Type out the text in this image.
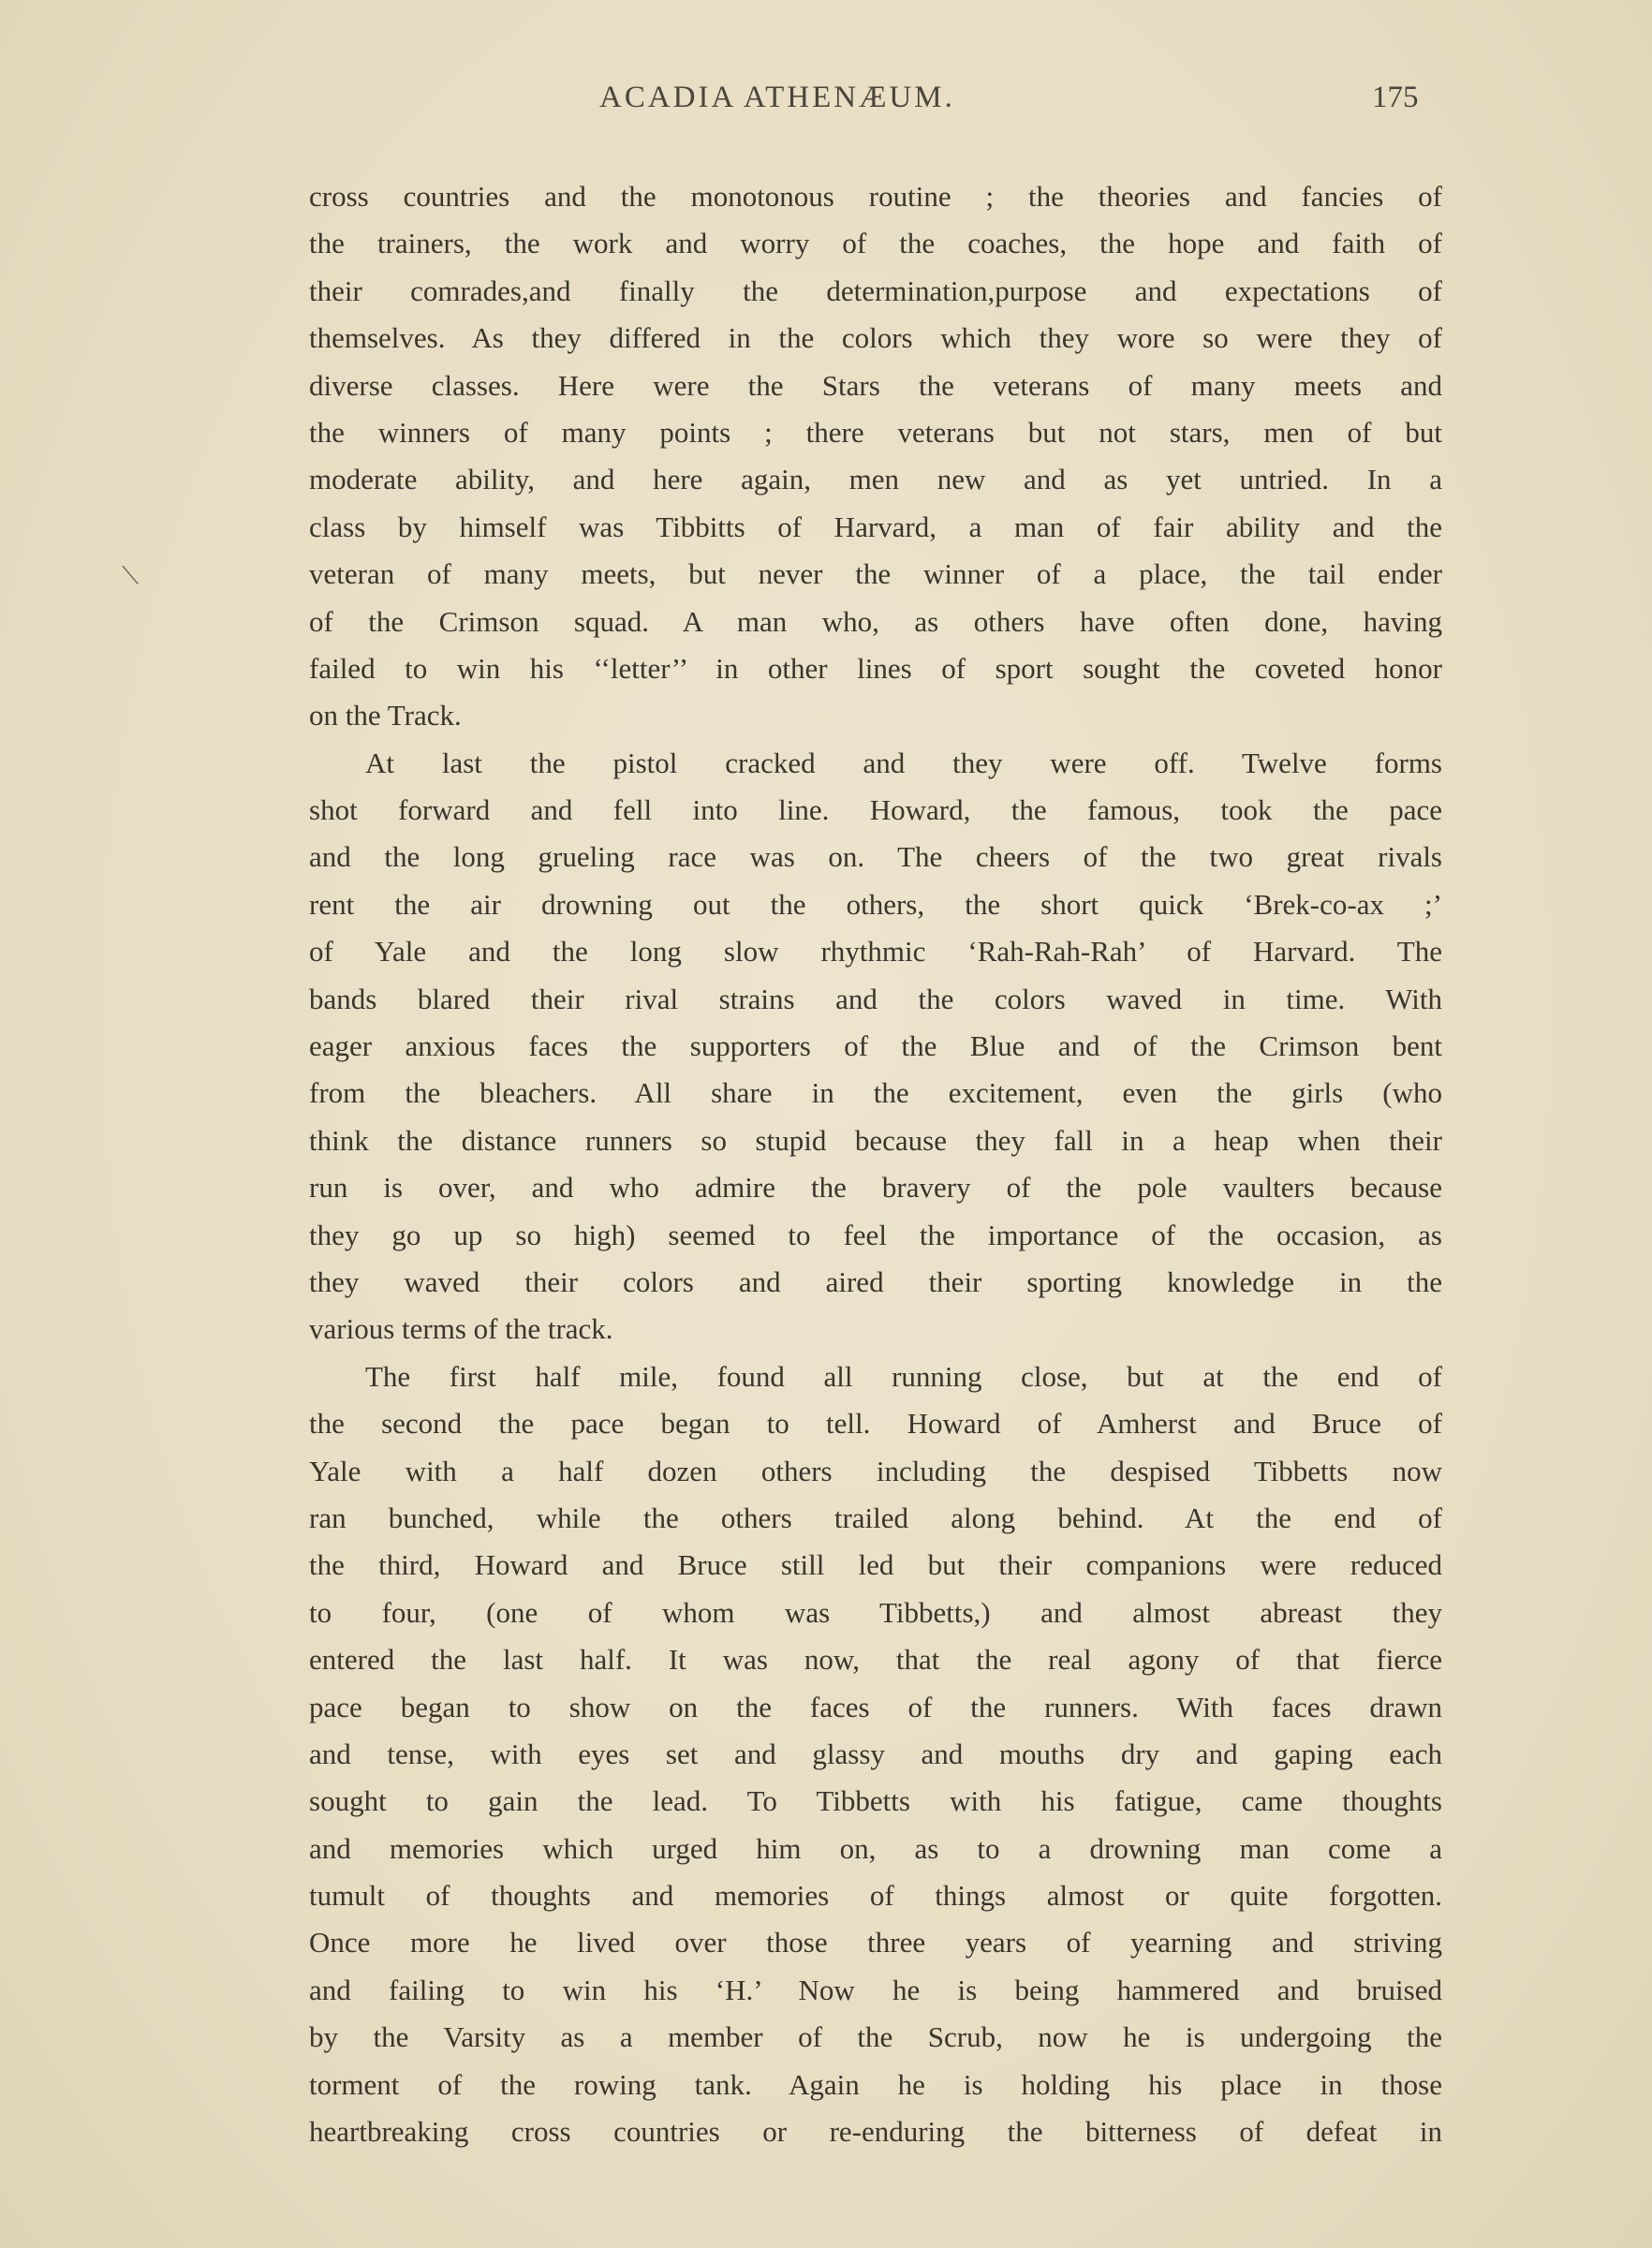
ACADIA ATHENÆUM.	175
⟍
cross countries and the monotonous routine ; the theories and fancies of
the trainers, the work and worry of the coaches, the hope and faith of
their comrades,and finally the determination,purpose and expectations of
themselves. As they differed in the colors which they wore so were they of
diverse classes. Here were the Stars the veterans of many meets and
the winners of many points ; there veterans but not stars, men of but
moderate ability, and here again, men new and as yet untried. In a
class by himself was Tibbitts of Harvard, a man of fair ability and the
veteran of many meets, but never the winner of a place, the tail ender
of the Crimson squad. A man who, as others have often done, having
failed to win his ‘‘letter’’ in other lines of sport sought the coveted honor
on the Track.
At last the pistol cracked and they were off. Twelve forms
shot forward and fell into line. Howard, the famous, took the pace
and the long grueling race was on. The cheers of the two great rivals
rent the air drowning out the others, the short quick ‘Brek-co-ax ;’
of Yale and the long slow rhythmic ‘Rah-Rah-Rah’ of Harvard. The
bands blared their rival strains and the colors waved in time. With
eager anxious faces the supporters of the Blue and of the Crimson bent
from the bleachers. All share in the excitement, even the girls (who
think the distance runners so stupid because they fall in a heap when their
run is over, and who admire the bravery of the pole vaulters because
they go up so high) seemed to feel the importance of the occasion, as
they waved their colors and aired their sporting knowledge in the
various terms of the track.
The first half mile, found all running close, but at the end of
the second the pace began to tell. Howard of Amherst and Bruce of
Yale with a half dozen others including the despised Tibbetts now
ran bunched, while the others trailed along behind. At the end of
the third, Howard and Bruce still led but their companions were reduced
to four, (one of whom was Tibbetts,) and almost abreast they
entered the last half. It was now, that the real agony of that fierce
pace began to show on the faces of the runners. With faces drawn
and tense, with eyes set and glassy and mouths dry and gaping each
sought to gain the lead. To Tibbetts with his fatigue, came thoughts
and memories which urged him on, as to a drowning man come a
tumult of thoughts and memories of things almost or quite forgotten.
Once more he lived over those three years of yearning and striving
and failing to win his ‘H.’ Now he is being hammered and bruised
by the Varsity as a member of the Scrub, now he is undergoing the
torment of the rowing tank. Again he is holding his place in those
heartbreaking cross countries or re-enduring the bitterness of defeat in
